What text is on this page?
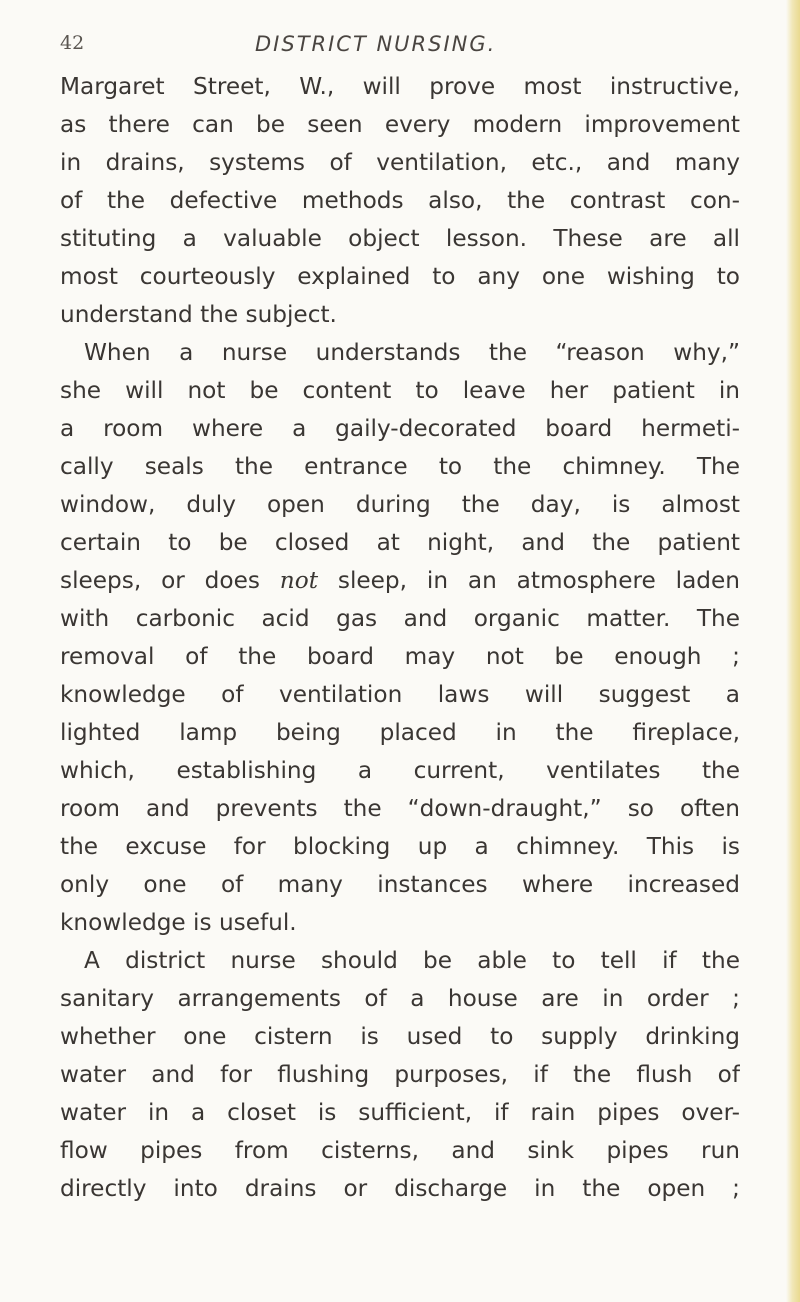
42	DISTRICT NURSING.
Margaret Street, W., will prove most instructive,
as there can be seen every modern improvement
in drains, systems of ventilation, etc., and many
of the defective methods also, the contrast con-
stituting a valuable object lesson. These are all
most courteously explained to any one wishing to
understand the subject.
When a nurse understands the “reason why,”
she will not be content to leave her patient in
a room where a gaily-decorated board hermeti-
cally seals the entrance to the chimney. The
window, duly open during the day, is almost
certain to be closed at night, and the patient
sleeps, or does not sleep, in an atmosphere laden
with carbonic acid gas and organic matter. The
removal of the board may not be enough ;
knowledge of ventilation laws will suggest a
lighted lamp being placed in the fireplace,
which, establishing a current, ventilates the
room and prevents the “down-draught,” so often
the excuse for blocking up a chimney. This is
only one of many instances where increased
knowledge is useful.
A district nurse should be able to tell if the
sanitary arrangements of a house are in order ;
whether one cistern is used to supply drinking
water and for flushing purposes, if the flush of
water in a closet is sufficient, if rain pipes over-
flow pipes from cisterns, and sink pipes run
directly into drains or discharge in the open ;
